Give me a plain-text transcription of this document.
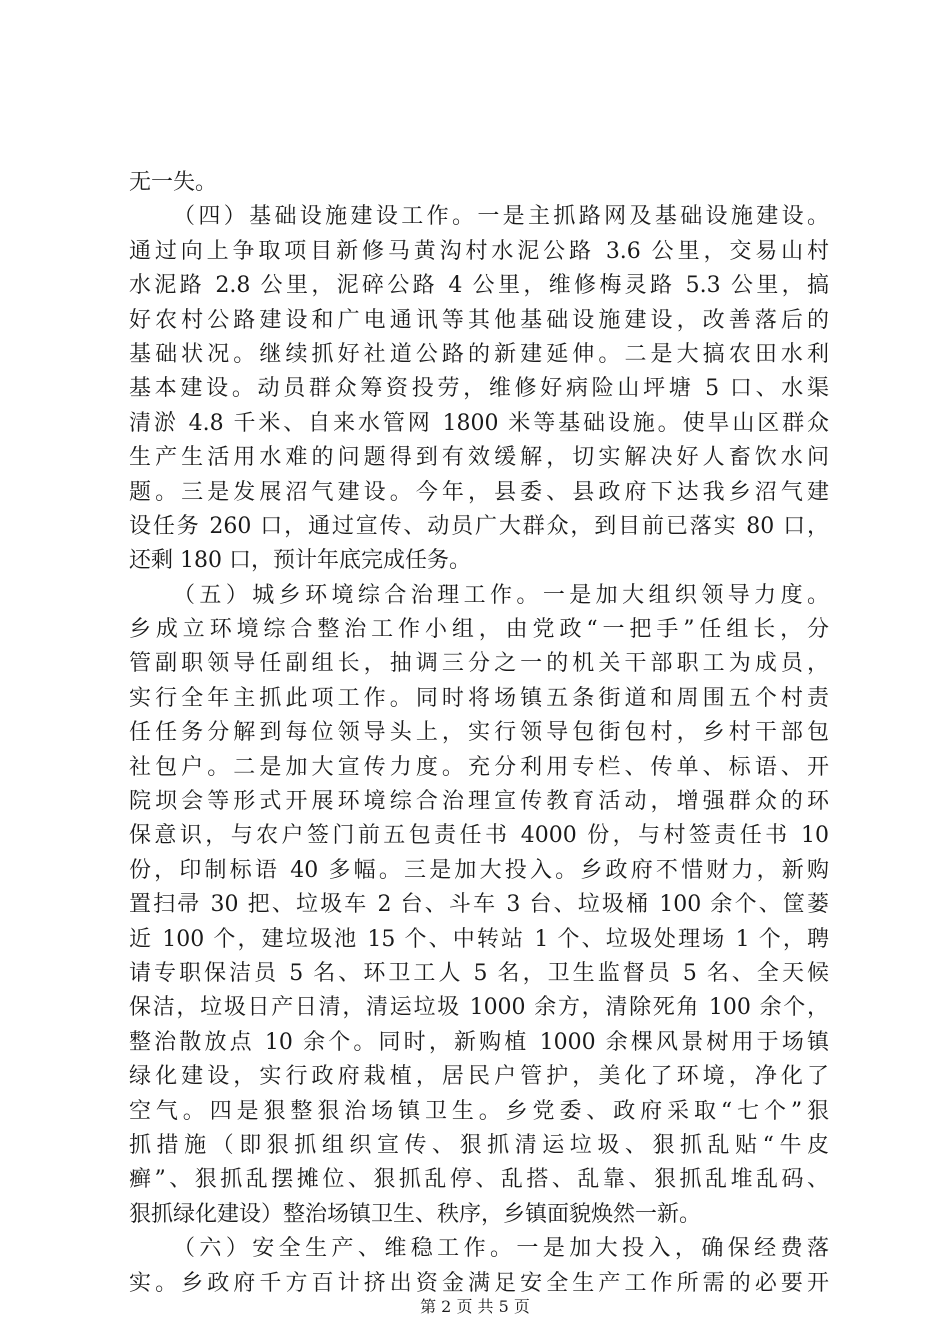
无一失。
（四）基础设施建设工作。一是主抓路网及基础设施建设。
通过向上争取项目新修马黄沟村水泥公路 3.6 公里，交易山村
水泥路 2.8 公里，泥碎公路 4 公里，维修梅灵路 5.3 公里，搞
好农村公路建设和广电通讯等其他基础设施建设，改善落后的
基础状况。继续抓好社道公路的新建延伸。二是大搞农田水利
基本建设。动员群众筹资投劳，维修好病险山坪塘 5 口、水渠
清淤 4.8 千米、自来水管网 1800 米等基础设施。使旱山区群众
生产生活用水难的问题得到有效缓解，切实解决好人畜饮水问
题。三是发展沼气建设。今年，县委、县政府下达我乡沼气建
设任务 260 口，通过宣传、动员广大群众，到目前已落实 80 口，
还剩 180 口，预计年底完成任务。
（五）城乡环境综合治理工作。一是加大组织领导力度。
乡成立环境综合整治工作小组，由党政“一把手”任组长，分
管副职领导任副组长，抽调三分之一的机关干部职工为成员，
实行全年主抓此项工作。同时将场镇五条街道和周围五个村责
任任务分解到每位领导头上，实行领导包街包村，乡村干部包
社包户。二是加大宣传力度。充分利用专栏、传单、标语、开
院坝会等形式开展环境综合治理宣传教育活动，增强群众的环
保意识，与农户签门前五包责任书 4000 份，与村签责任书 10
份，印制标语 40 多幅。三是加大投入。乡政府不惜财力，新购
置扫帚 30 把、垃圾车 2 台、斗车 3 台、垃圾桶 100 余个、筐蒌
近 100 个，建垃圾池 15 个、中转站 1 个、垃圾处理场 1 个，聘
请专职保洁员 5 名、环卫工人 5 名，卫生监督员 5 名、全天候
保洁，垃圾日产日清，清运垃圾 1000 余方，清除死角 100 余个，
整治散放点 10 余个。同时，新购植 1000 余棵风景树用于场镇
绿化建设，实行政府栽植，居民户管护，美化了环境，净化了
空气。四是狠整狠治场镇卫生。乡党委、政府采取“七个”狠
抓措施（即狠抓组织宣传、狠抓清运垃圾、狠抓乱贴“牛皮
癣”、狠抓乱摆摊位、狠抓乱停、乱搭、乱靠、狠抓乱堆乱码、
狠抓绿化建设）整治场镇卫生、秩序，乡镇面貌焕然一新。
（六）安全生产、维稳工作。一是加大投入，确保经费落
实。乡政府千方百计挤出资金满足安全生产工作所需的必要开
第 2 页 共 5 页
